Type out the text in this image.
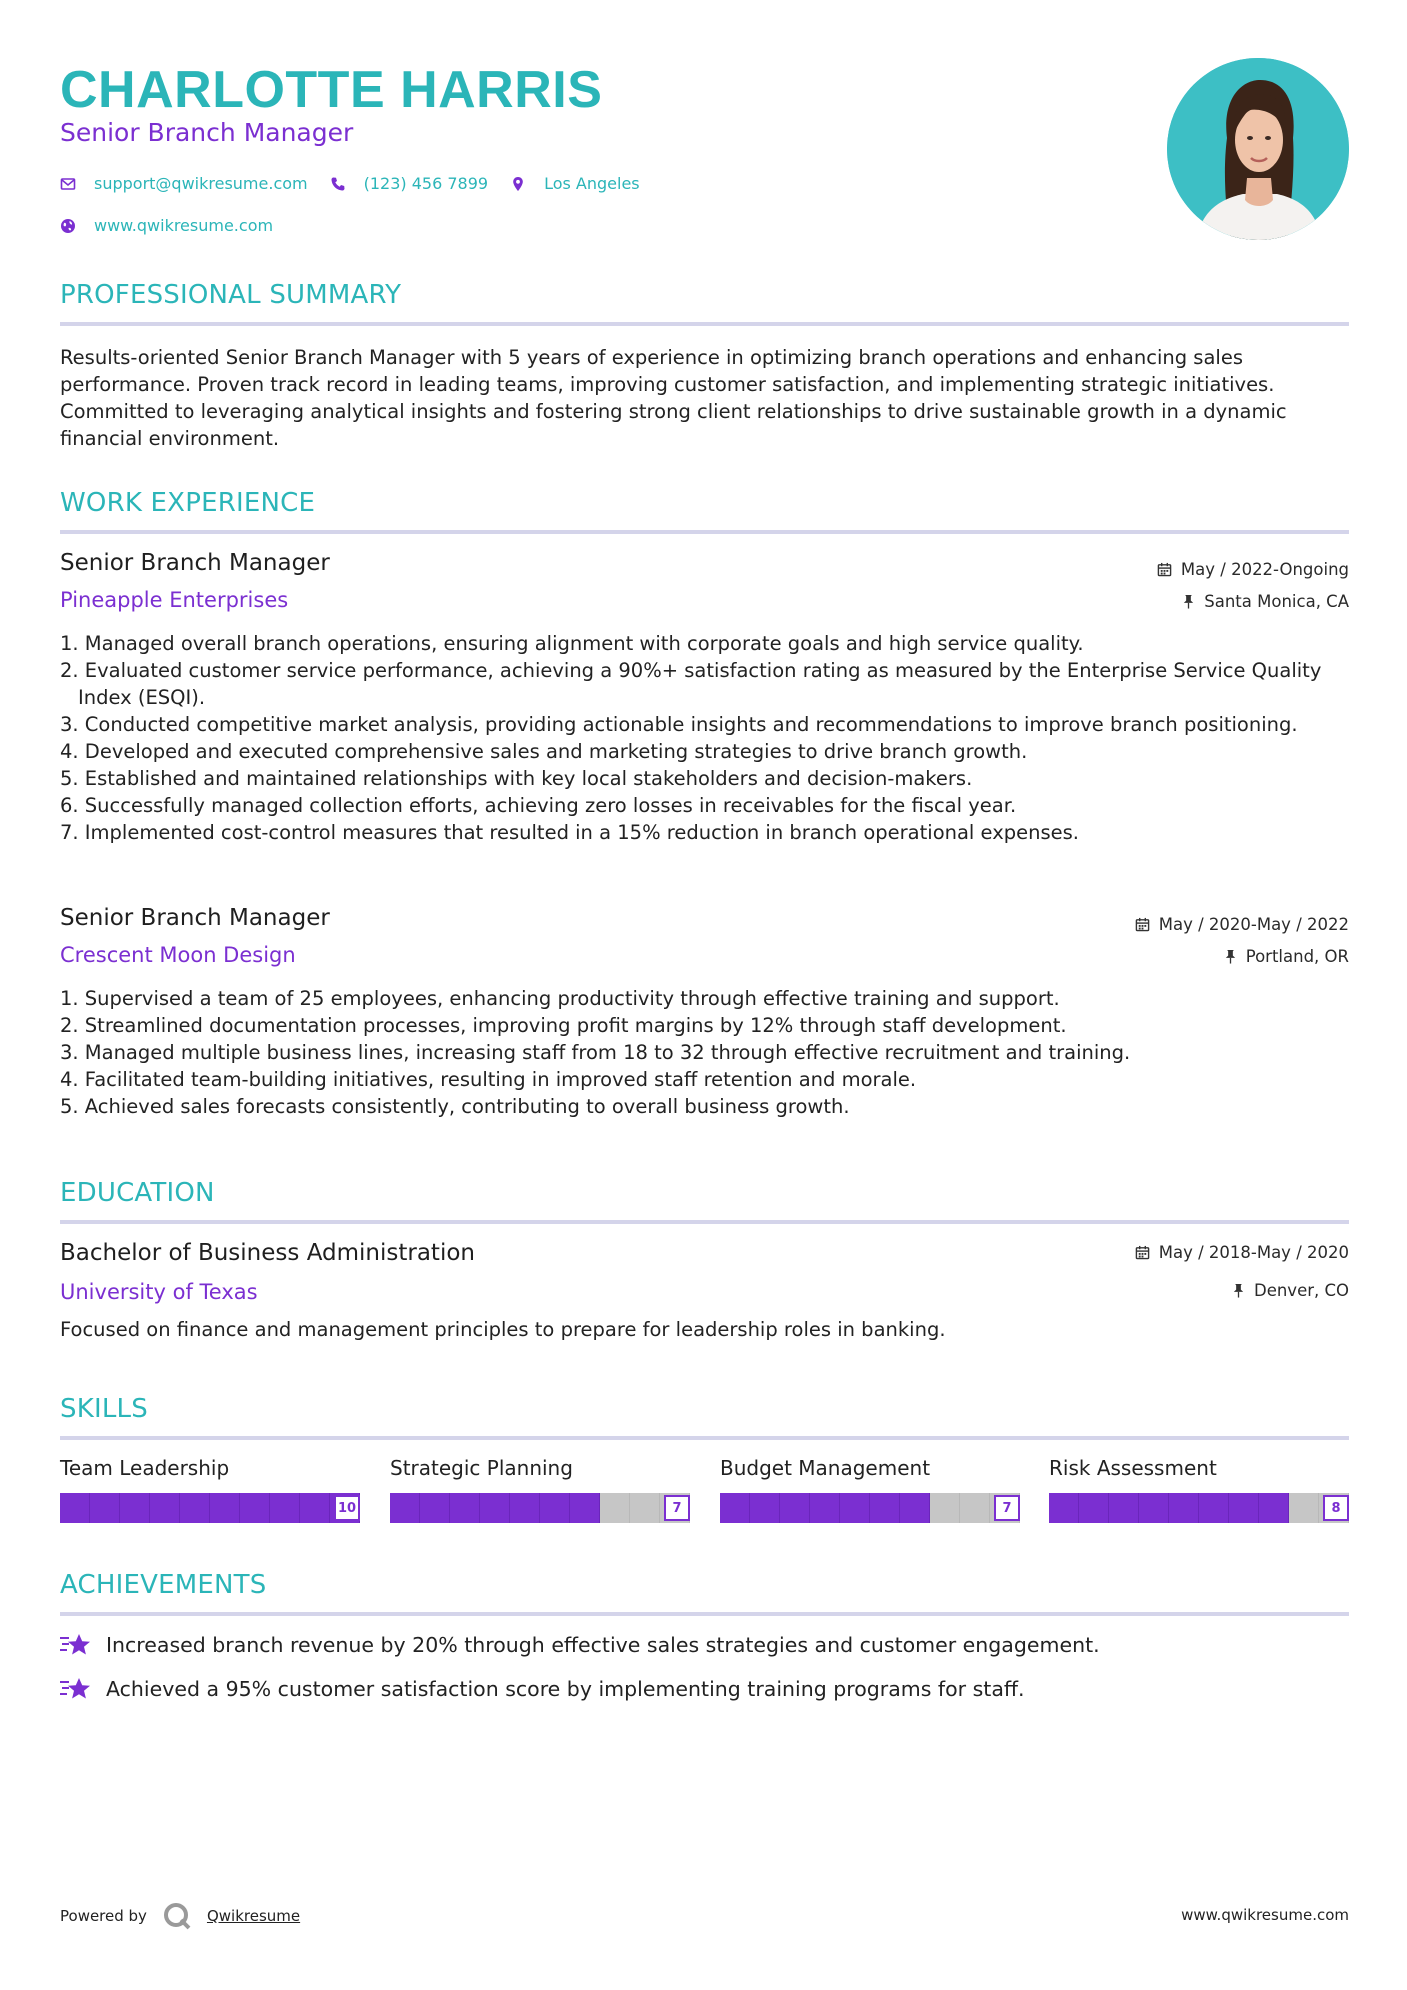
CHARLOTTE HARRIS
Senior Branch Manager
support@qwikresume.com	(123) 456 7899	Los Angeles
www.qwikresume.com
PROFESSIONAL SUMMARY
Results-oriented Senior Branch Manager with 5 years of experience in optimizing branch operations and enhancing sales performance. Proven track record in leading teams, improving customer satisfaction, and implementing strategic initiatives. Committed to leveraging analytical insights and fostering strong client relationships to drive sustainable growth in a dynamic financial environment.
WORK EXPERIENCE
Senior Branch Manager	May / 2022-Ongoing
Pineapple Enterprises	Santa Monica, CA
1. Managed overall branch operations, ensuring alignment with corporate goals and high service quality.
2. Evaluated customer service performance, achieving a 90%+ satisfaction rating as measured by the Enterprise Service Quality Index (ESQI).
3. Conducted competitive market analysis, providing actionable insights and recommendations to improve branch positioning.
4. Developed and executed comprehensive sales and marketing strategies to drive branch growth.
5. Established and maintained relationships with key local stakeholders and decision-makers.
6. Successfully managed collection efforts, achieving zero losses in receivables for the fiscal year.
7. Implemented cost-control measures that resulted in a 15% reduction in branch operational expenses.
Senior Branch Manager	May / 2020-May / 2022
Crescent Moon Design	Portland, OR
1. Supervised a team of 25 employees, enhancing productivity through effective training and support.
2. Streamlined documentation processes, improving profit margins by 12% through staff development.
3. Managed multiple business lines, increasing staff from 18 to 32 through effective recruitment and training.
4. Facilitated team-building initiatives, resulting in improved staff retention and morale.
5. Achieved sales forecasts consistently, contributing to overall business growth.
EDUCATION
Bachelor of Business Administration	May / 2018-May / 2020
University of Texas	Denver, CO
Focused on finance and management principles to prepare for leadership roles in banking.
SKILLS
Team Leadership
10
Strategic Planning
7
Budget Management
7
Risk Assessment
8
ACHIEVEMENTS
Increased branch revenue by 20% through effective sales strategies and customer engagement.
Achieved a 95% customer satisfaction score by implementing training programs for staff.
Powered by	Qwikresume	www.qwikresume.com
